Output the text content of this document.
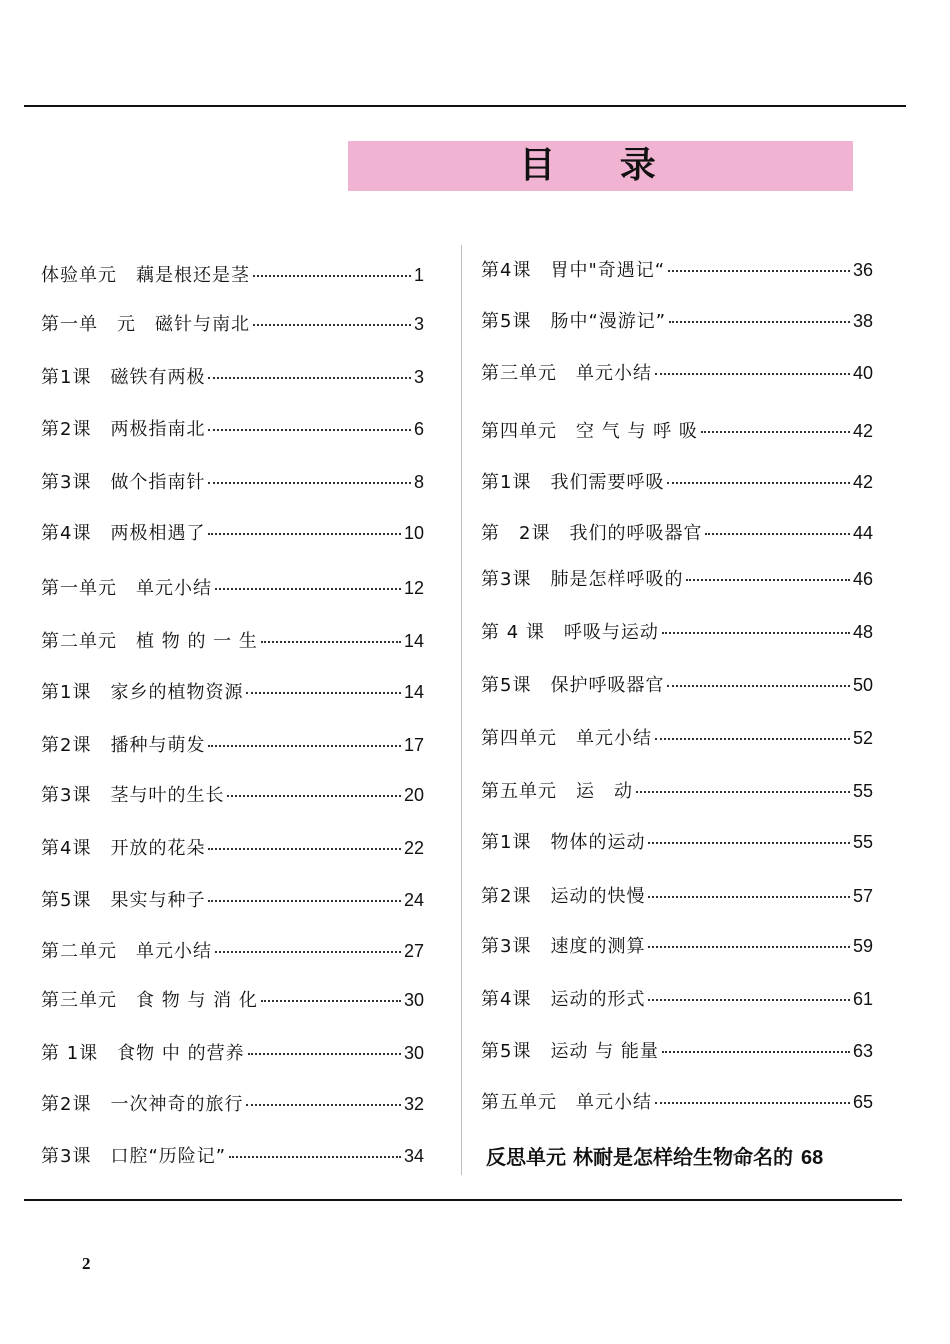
目 录
体验单元　藕是根还是茎	1
第一单　元　磁针与南北	3
第1课　磁铁有两极	3
第2课　两极指南北	6
第3课　做个指南针	8
第4课　两极相遇了	10
第一单元　单元小结	12
第二单元　植 物 的 一 生	14
第1课　家乡的植物资源	14
第2课　播种与萌发	17
第3课　茎与叶的生长	20
第4课　开放的花朵	22
第5课　果实与种子	24
第二单元　单元小结	27
第三单元　食 物 与 消 化	30
第 1课　食物 中 的营养	30
第2课　一次神奇的旅行	32
第3课　口腔“历险记”	34
第4课　胃中"奇遇记“	36
第5课　肠中“漫游记”	38
第三单元　单元小结	40
第四单元　空 气 与 呼 吸	42
第1课　我们需要呼吸	42
第　2课　我们的呼吸器官	44
第3课　肺是怎样呼吸的	46
第 4 课　呼吸与运动	48
第5课　保护呼吸器官	50
第四单元　单元小结	52
第五单元　运　动	55
第1课　物体的运动	55
第2课　运动的快慢	57
第3课　速度的测算	59
第4课　运动的形式	61
第5课　运动 与 能量	63
第五单元　单元小结	65
反思单元 林耐是怎样给生物命名的 68
2
